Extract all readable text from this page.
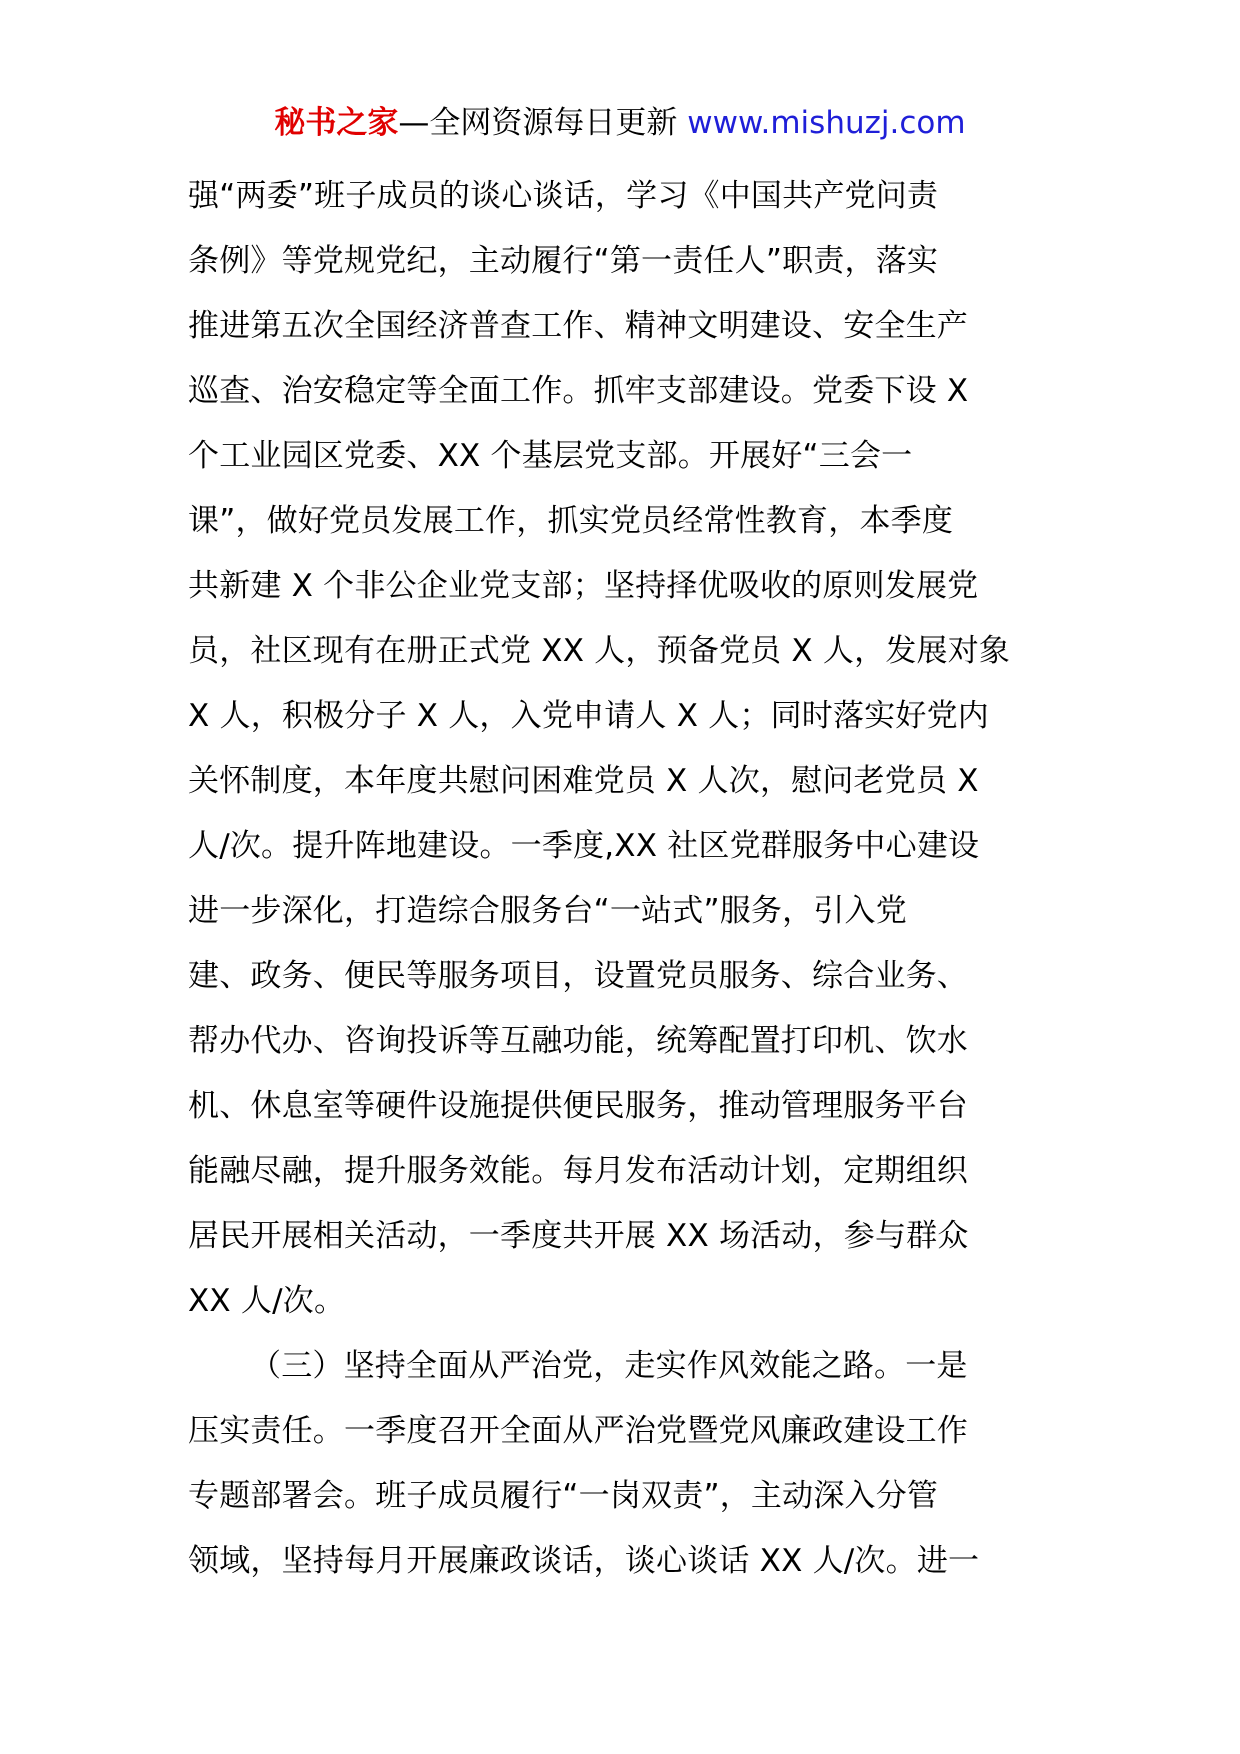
秘书之家—全网资源每日更新 www.mishuzj.com
强“两委”班子成员的谈心谈话，学习《中国共产党问责
条例》等党规党纪，主动履行“第一责任人”职责，落实
推进第五次全国经济普查工作、精神文明建设、安全生产
巡查、治安稳定等全面工作。抓牢支部建设。党委下设 X
个工业园区党委、XX 个基层党支部。开展好“三会一
课”，做好党员发展工作，抓实党员经常性教育，本季度
共新建 X 个非公企业党支部；坚持择优吸收的原则发展党
员，社区现有在册正式党 XX 人，预备党员 X 人，发展对象
X 人，积极分子 X 人，入党申请人 X 人；同时落实好党内
关怀制度，本年度共慰问困难党员 X 人次，慰问老党员 X
人/次。提升阵地建设。一季度,XX 社区党群服务中心建设
进一步深化，打造综合服务台“一站式”服务，引入党
建、政务、便民等服务项目，设置党员服务、综合业务、
帮办代办、咨询投诉等互融功能，统筹配置打印机、饮水
机、休息室等硬件设施提供便民服务，推动管理服务平台
能融尽融，提升服务效能。每月发布活动计划，定期组织
居民开展相关活动，一季度共开展 XX 场活动，参与群众
XX 人/次。
（三）坚持全面从严治党，走实作风效能之路。一是
压实责任。一季度召开全面从严治党暨党风廉政建设工作
专题部署会。班子成员履行“一岗双责”，主动深入分管
领域，坚持每月开展廉政谈话，谈心谈话 XX 人/次。进一
